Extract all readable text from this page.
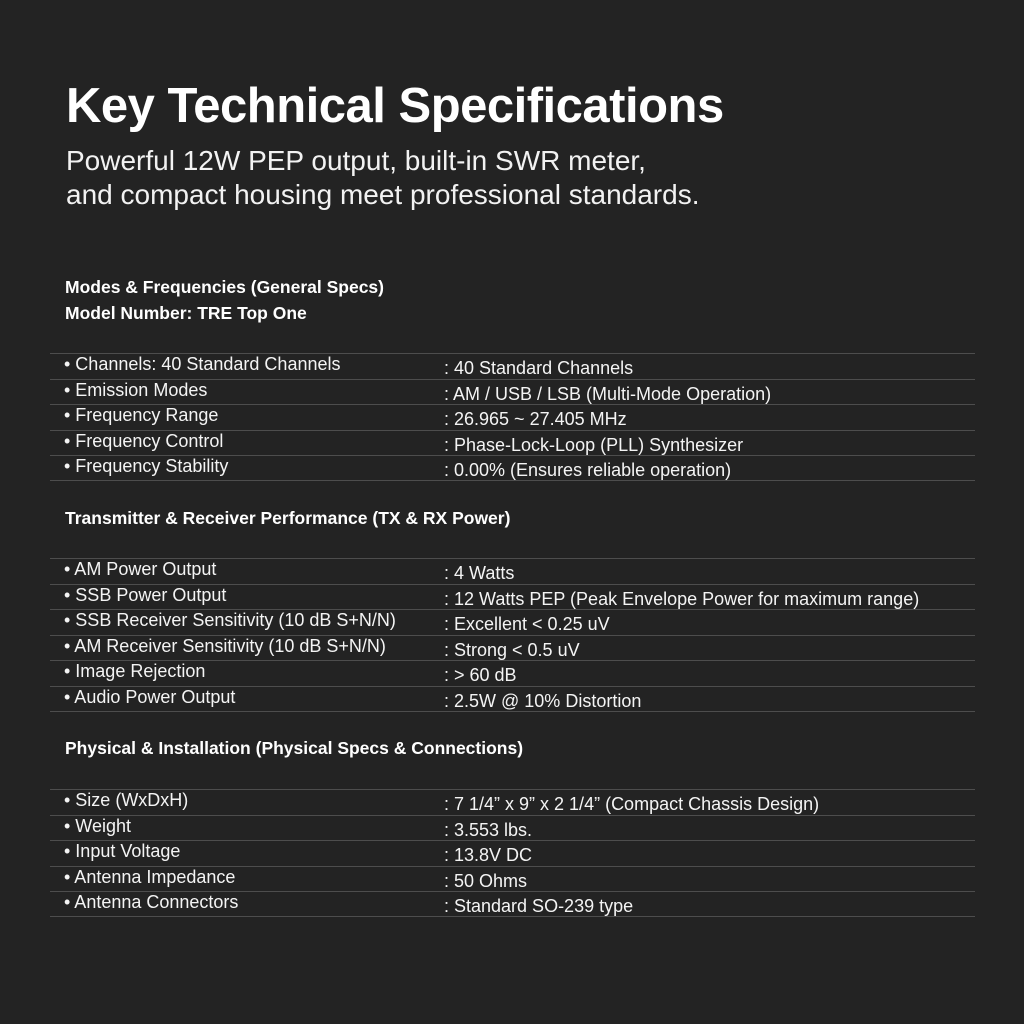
Key Technical Specifications
Powerful 12W PEP output, built-in SWR meter,
and compact housing meet professional standards.
Modes & Frequencies (General Specs)
Model Number: TRE Top One
• Channels: 40 Standard Channels	: 40 Standard Channels
• Emission Modes	: AM / USB / LSB (Multi-Mode Operation)
• Frequency Range	: 26.965 ~ 27.405 MHz
• Frequency Control	: Phase-Lock-Loop (PLL) Synthesizer
• Frequency Stability	: 0.00% (Ensures reliable operation)
Transmitter & Receiver Performance (TX & RX Power)
• AM Power Output	: 4 Watts
• SSB Power Output	: 12 Watts PEP (Peak Envelope Power for maximum range)
• SSB Receiver Sensitivity (10 dB S+N/N)	: Excellent < 0.25 uV
• AM Receiver Sensitivity (10 dB S+N/N)	: Strong < 0.5 uV
• Image Rejection	: > 60 dB
• Audio Power Output	: 2.5W @ 10% Distortion
Physical & Installation (Physical Specs & Connections)
• Size (WxDxH)	: 7 1/4” x 9” x 2 1/4” (Compact Chassis Design)
• Weight	: 3.553 lbs.
• Input Voltage	: 13.8V DC
• Antenna Impedance	: 50 Ohms
• Antenna Connectors	: Standard SO-239 type
